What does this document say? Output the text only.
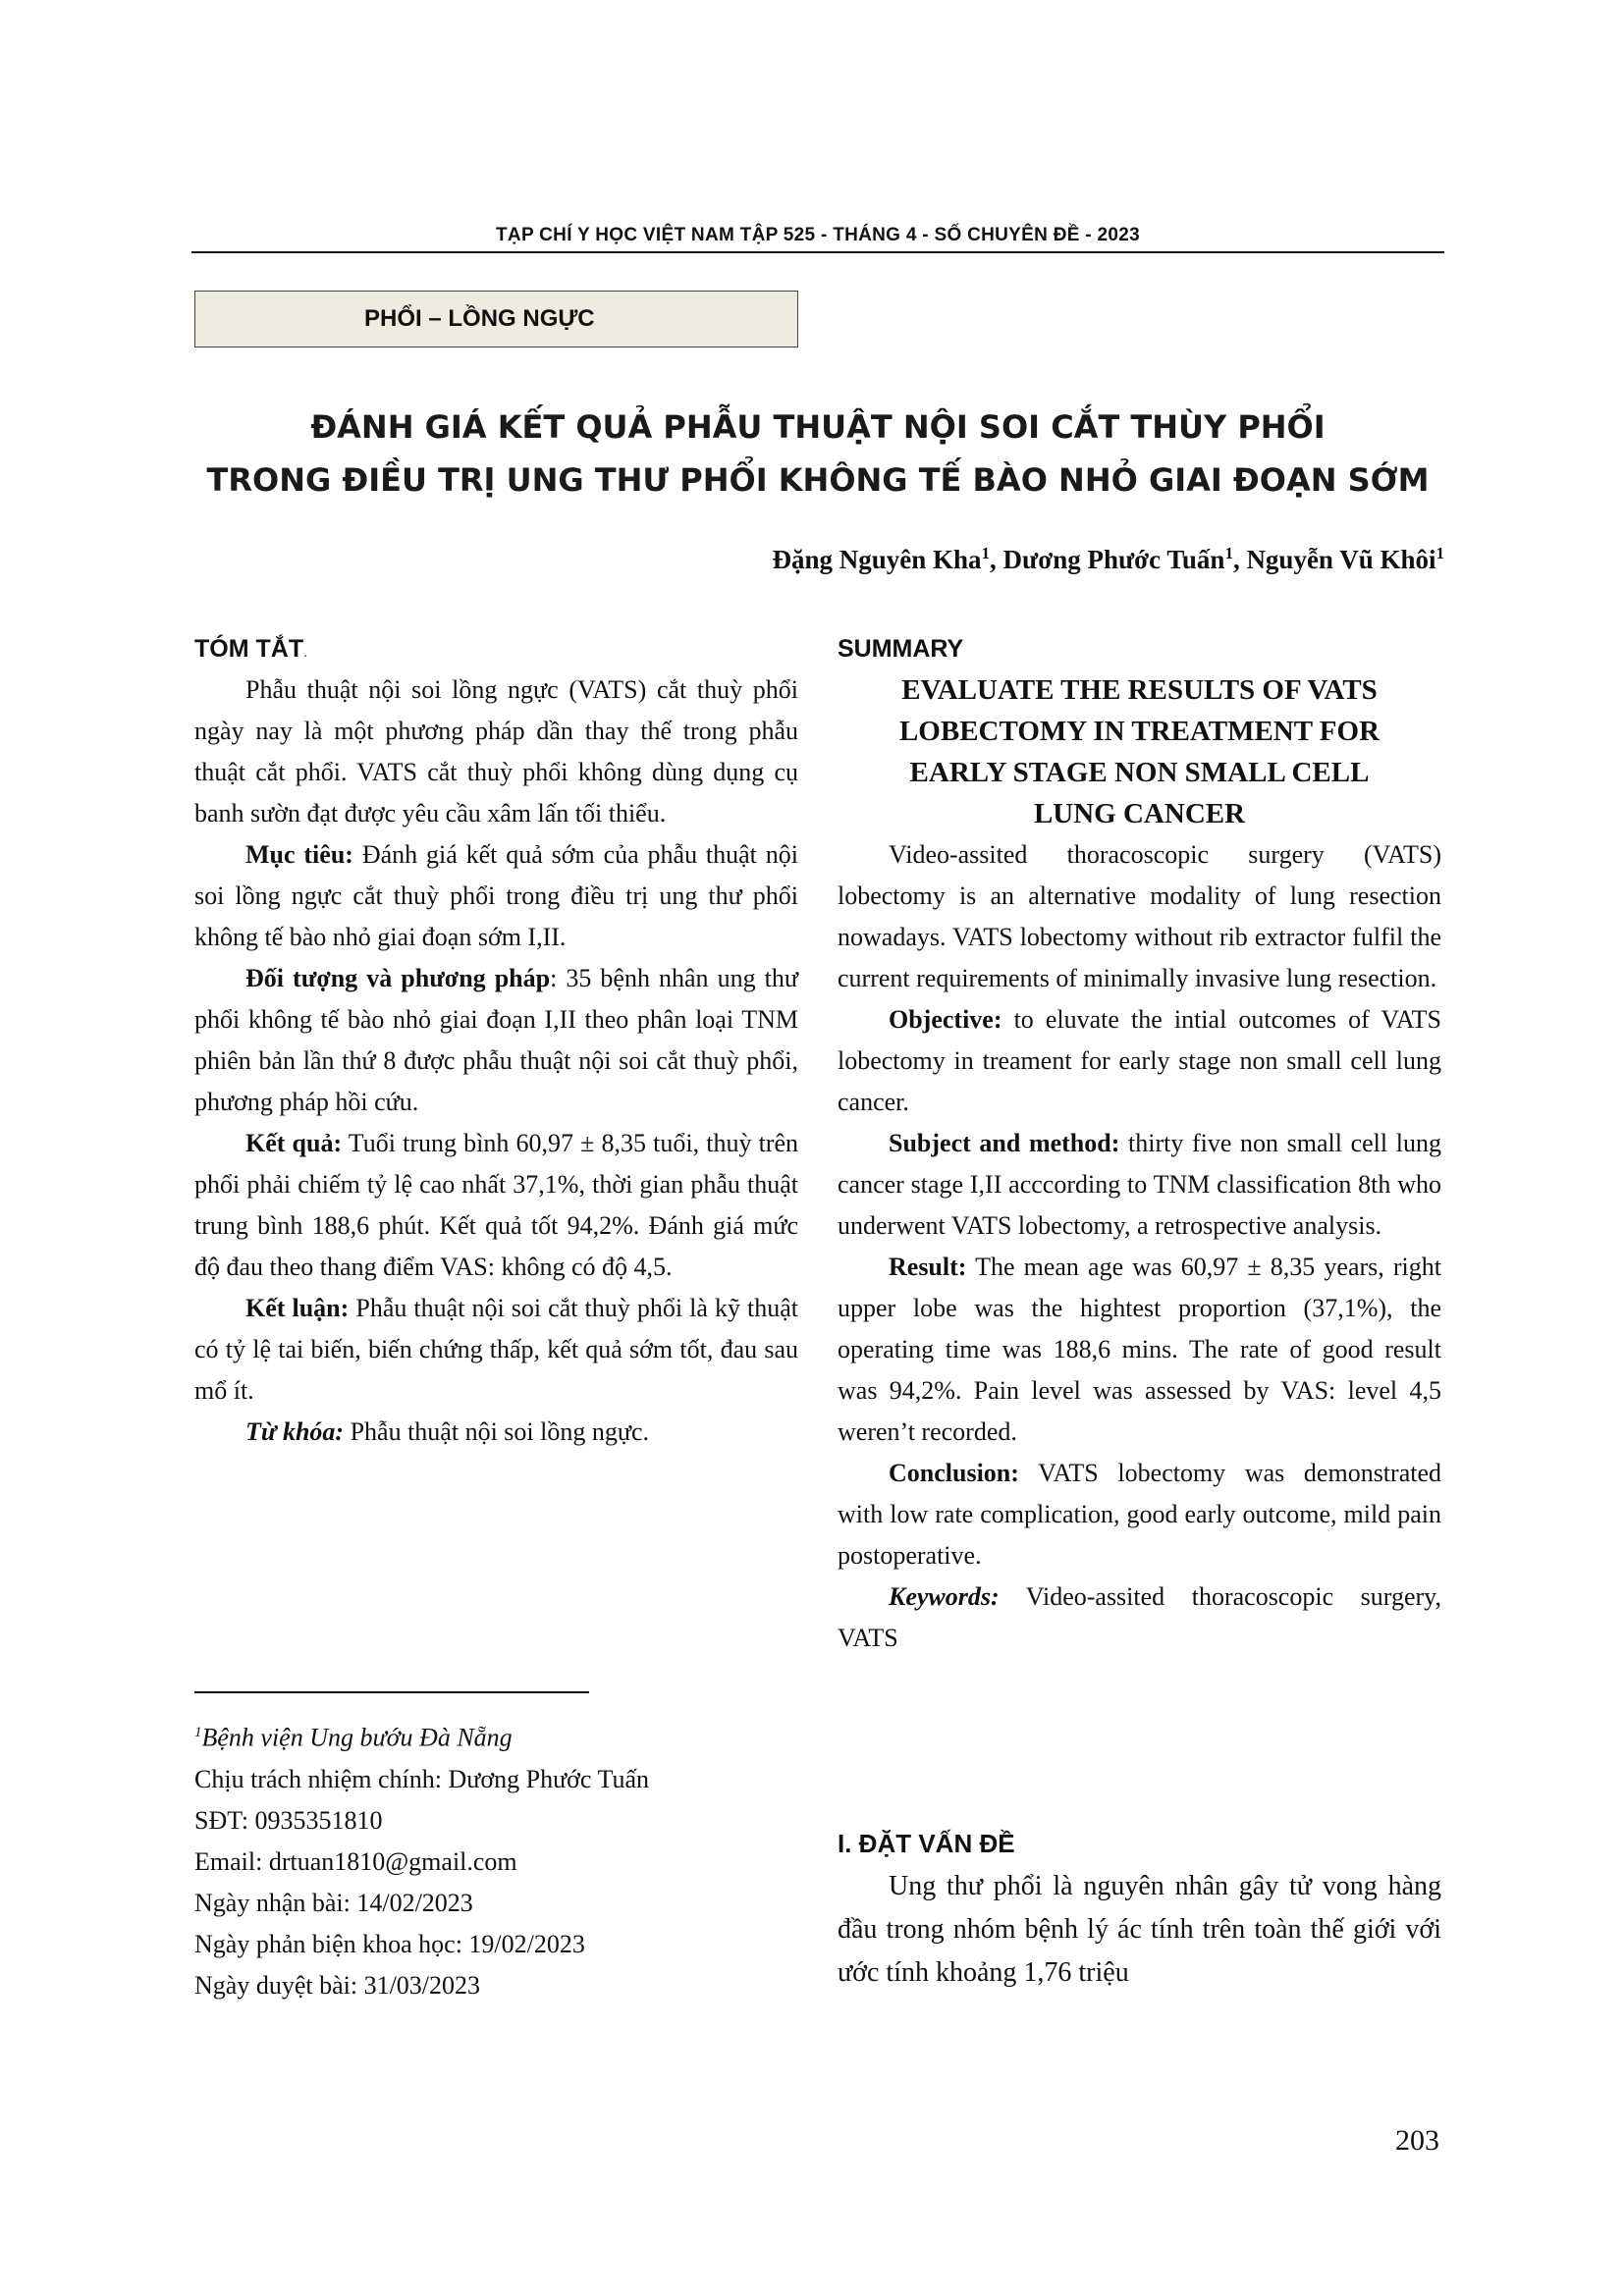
TẠP CHÍ Y HỌC VIỆT NAM TẬP 525 - THÁNG 4 - SỐ CHUYÊN ĐỀ - 2023
PHỔI – LỒNG NGỰC
ĐÁNH GIÁ KẾT QUẢ PHẪU THUẬT NỘI SOI CẮT THÙY PHỔI
TRONG ĐIỀU TRỊ UNG THƯ PHỔI KHÔNG TẾ BÀO NHỎ GIAI ĐOẠN SỚM
Đặng Nguyên Kha$^1$, Dương Phước Tuấn$^1$, Nguyễn Vũ Khôi$^1$
TÓM TẮT.

Phẫu thuật nội soi lồng ngực (VATS) cắt thuỳ phổi ngày nay là một phương pháp dần thay thế trong phẫu thuật cắt phổi. VATS cắt thuỳ phổi không dùng dụng cụ banh sườn đạt được yêu cầu xâm lấn tối thiểu.

Mục tiêu: Đánh giá kết quả sớm của phẫu thuật nội soi lồng ngực cắt thuỳ phổi trong điều trị ung thư phổi không tế bào nhỏ giai đoạn sớm I,II.

Đối tượng và phương pháp: 35 bệnh nhân ung thư phổi không tế bào nhỏ giai đoạn I,II theo phân loại TNM phiên bản lần thứ 8 được phẫu thuật nội soi cắt thuỳ phổi, phương pháp hồi cứu.

Kết quả: Tuổi trung bình 60,97 ± 8,35 tuổi, thuỳ trên phổi phải chiếm tỷ lệ cao nhất 37,1%, thời gian phẫu thuật trung bình 188,6 phút. Kết quả tốt 94,2%. Đánh giá mức độ đau theo thang điểm VAS: không có độ 4,5.

Kết luận: Phẫu thuật nội soi cắt thuỳ phổi là kỹ thuật có tỷ lệ tai biến, biến chứng thấp, kết quả sớm tốt, đau sau mổ ít.

Từ khóa: Phẫu thuật nội soi lồng ngực.

SUMMARY
EVALUATE THE RESULTS OF VATS
LOBECTOMY IN TREATMENT FOR
EARLY STAGE NON SMALL CELL
LUNG CANCER

Video-assited thoracoscopic surgery (VATS) lobectomy is an alternative modality of lung resection nowadays. VATS lobectomy without rib extractor fulfil the current requirements of minimally invasive lung resection.

Objective: to eluvate the intial outcomes of VATS lobectomy in treament for early stage non small cell lung cancer.

Subject and method: thirty five non small cell lung cancer stage I,II acccording to TNM classification 8th who underwent VATS lobectomy, a retrospective analysis.

Result: The mean age was 60,97 ± 8,35 years, right upper lobe was the hightest proportion (37,1%), the operating time was 188,6 mins. The rate of good result was 94,2%. Pain level was assessed by VAS: level 4,5 weren’t recorded.

Conclusion: VATS lobectomy was demonstrated with low rate complication, good early outcome, mild pain postoperative.

Keywords: Video-assited thoracoscopic surgery, VATS

$^1$Bệnh viện Ung bướu Đà Nẵng
Chịu trách nhiệm chính: Dương Phước Tuấn
SĐT: 0935351810
Email: drtuan1810@gmail.com
Ngày nhận bài: 14/02/2023
Ngày phản biện khoa học: 19/02/2023
Ngày duyệt bài: 31/03/2023
I. ĐẶT VẤN ĐỀ

Ung thư phổi là nguyên nhân gây tử vong hàng đầu trong nhóm bệnh lý ác tính trên toàn thế giới với ước tính khoảng 1,76 triệu

203
